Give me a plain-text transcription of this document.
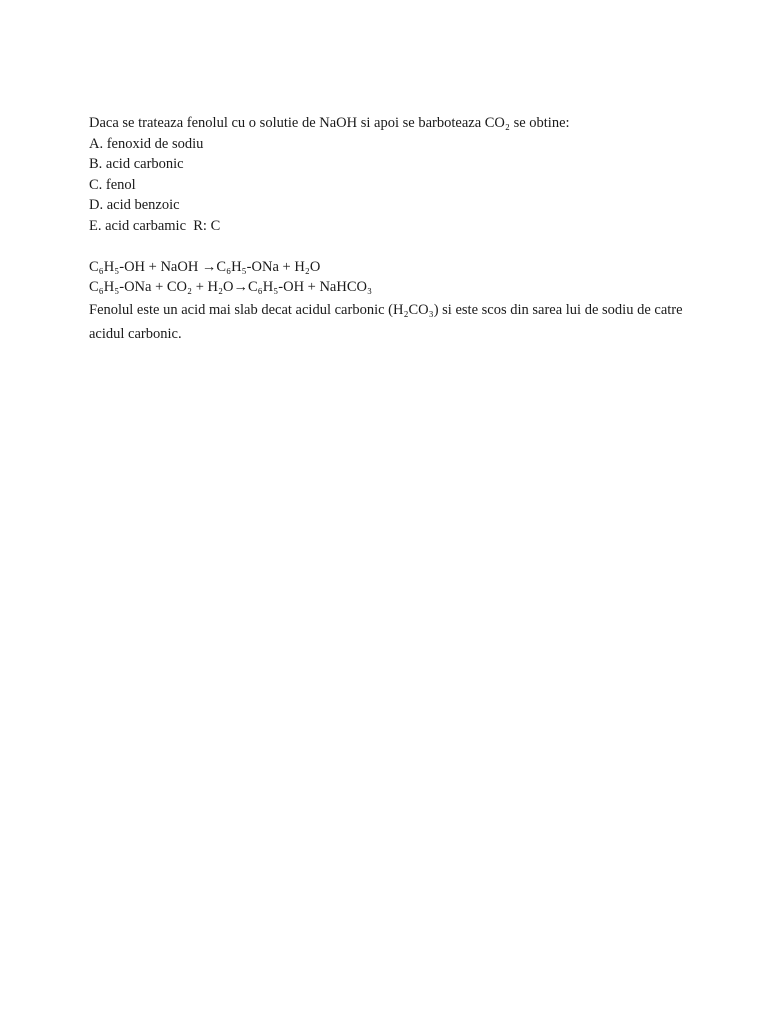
Daca se trateaza fenolul cu o solutie de NaOH si apoi se barboteaza CO₂ se obtine:
A. fenoxid de sodiu
B. acid carbonic
C. fenol
D. acid benzoic
E. acid carbamic  R: C
C₆H₅-OH + NaOH →C₆H₅-ONa + H₂O
C₆H₅-ONa + CO₂ + H₂O→C₆H₅-OH + NaHCO₃
Fenolul este un acid mai slab decat acidul carbonic (H₂CO₃) si este scos din sarea lui de sodiu de catre acidul carbonic.
